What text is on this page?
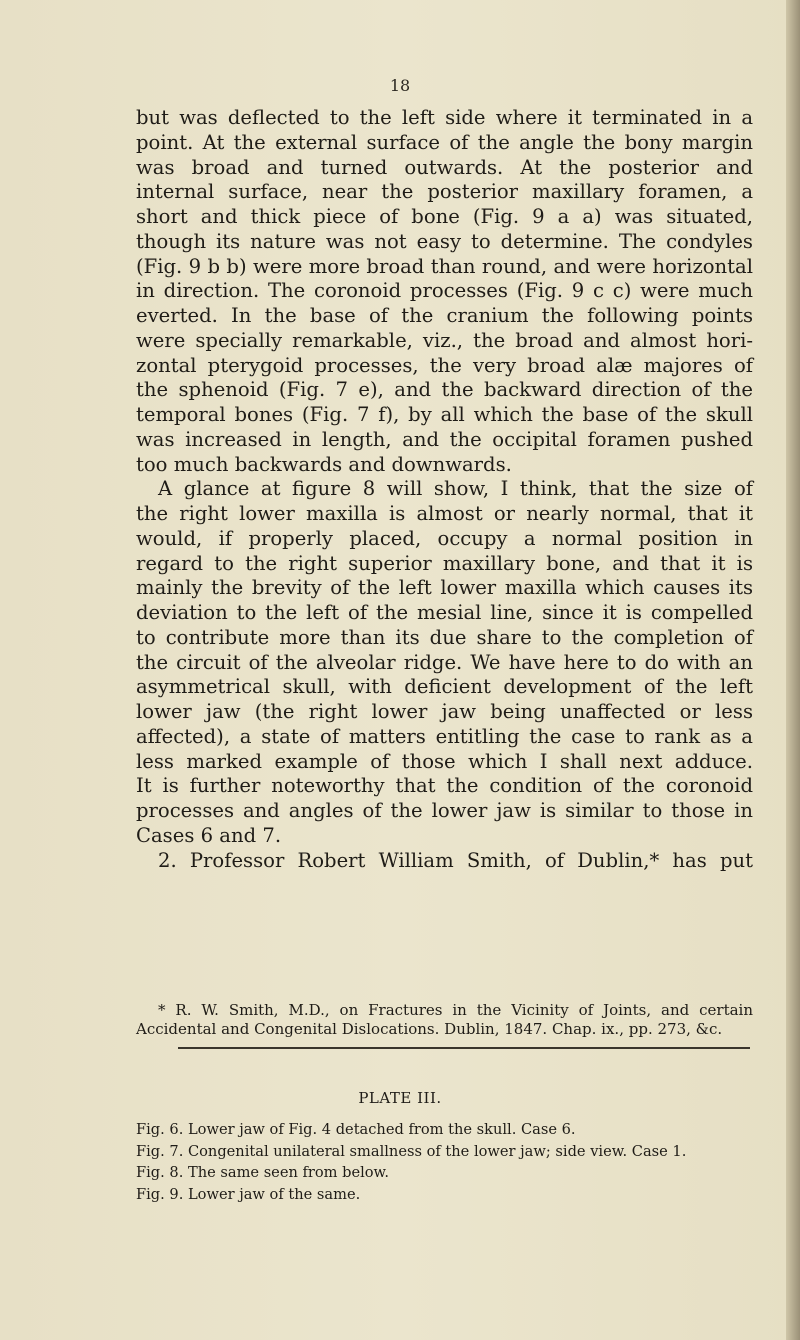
18
but was deflected to the left side where it terminated in a
point. At the external surface of the angle the bony margin
was broad and turned outwards. At the posterior and
internal surface, near the posterior maxillary foramen, a
short and thick piece of bone (Fig. 9 a a) was situated,
though its nature was not easy to determine. The condyles
(Fig. 9 b b) were more broad than round, and were horizontal
in direction. The coronoid processes (Fig. 9 c c) were much
everted. In the base of the cranium the following points
were specially remarkable, viz., the broad and almost hori-
zontal pterygoid processes, the very broad alæ majores of
the sphenoid (Fig. 7 e), and the backward direction of the
temporal bones (Fig. 7 f), by all which the base of the skull
was increased in length, and the occipital foramen pushed
too much backwards and downwards.
A glance at figure 8 will show, I think, that the size of
the right lower maxilla is almost or nearly normal, that it
would, if properly placed, occupy a normal position in
regard to the right superior maxillary bone, and that it is
mainly the brevity of the left lower maxilla which causes its
deviation to the left of the mesial line, since it is compelled
to contribute more than its due share to the completion of
the circuit of the alveolar ridge. We have here to do with an
asymmetrical skull, with deficient development of the left
lower jaw (the right lower jaw being unaffected or less
affected), a state of matters entitling the case to rank as a
less marked example of those which I shall next adduce.
It is further noteworthy that the condition of the coronoid
processes and angles of the lower jaw is similar to those in
Cases 6 and 7.
2. Professor Robert William Smith, of Dublin,* has put
* R. W. Smith, M.D., on Fractures in the Vicinity of Joints, and certain
Accidental and Congenital Dislocations. Dublin, 1847. Chap. ix., pp. 273, &c.
PLATE III.
Fig. 6. Lower jaw of Fig. 4 detached from the skull. Case 6.
Fig. 7. Congenital unilateral smallness of the lower jaw; side view. Case 1.
Fig. 8. The same seen from below.
Fig. 9. Lower jaw of the same.
